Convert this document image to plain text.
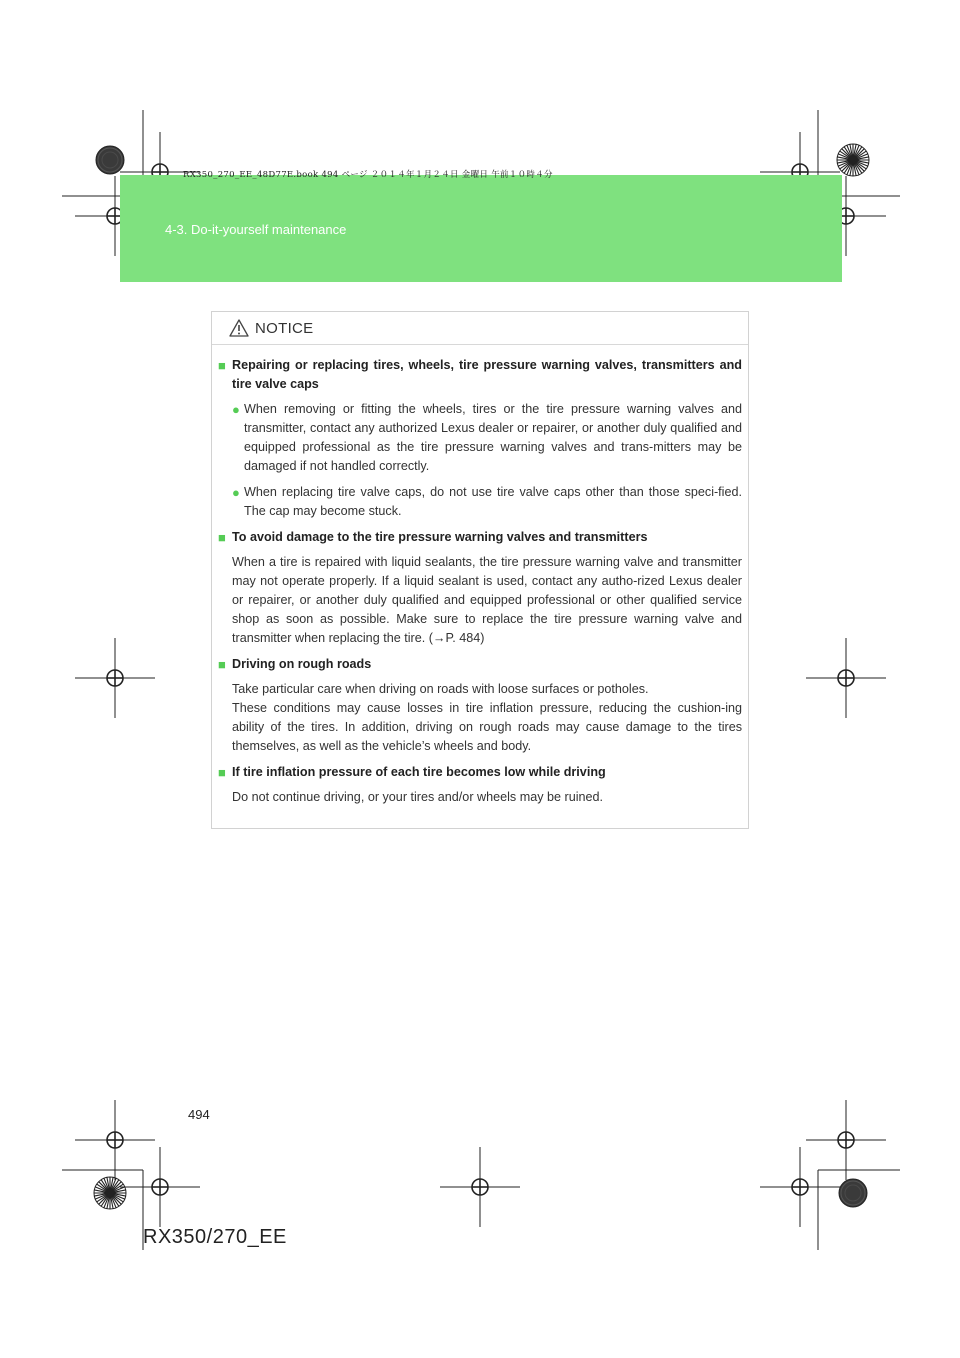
4-3. Do-it-yourself maintenance
RX350_270_EE_48D77E.book 494 ページ ２０１４年１月２４日 金曜日 午前１０時４分
NOTICE
■ Repairing or replacing tires, wheels, tire pressure warning valves, transmitters and tire valve caps
● When removing or fitting the wheels, tires or the tire pressure warning valves and transmitter, contact any authorized Lexus dealer or repairer, or another duly qualified and equipped professional as the tire pressure warning valves and trans-mitters may be damaged if not handled correctly.
● When replacing tire valve caps, do not use tire valve caps other than those speci-fied. The cap may become stuck.
■ To avoid damage to the tire pressure warning valves and transmitters
When a tire is repaired with liquid sealants, the tire pressure warning valve and transmitter may not operate properly. If a liquid sealant is used, contact any autho-rized Lexus dealer or repairer, or another duly qualified and equipped professional or other qualified service shop as soon as possible. Make sure to replace the tire pressure warning valve and transmitter when replacing the tire. (→P. 484)
■ Driving on rough roads
Take particular care when driving on roads with loose surfaces or potholes.
These conditions may cause losses in tire inflation pressure, reducing the cushion-ing ability of the tires. In addition, driving on rough roads may cause damage to the tires themselves, as well as the vehicle’s wheels and body.
■ If tire inflation pressure of each tire becomes low while driving
Do not continue driving, or your tires and/or wheels may be ruined.
494
RX350/270_EE
